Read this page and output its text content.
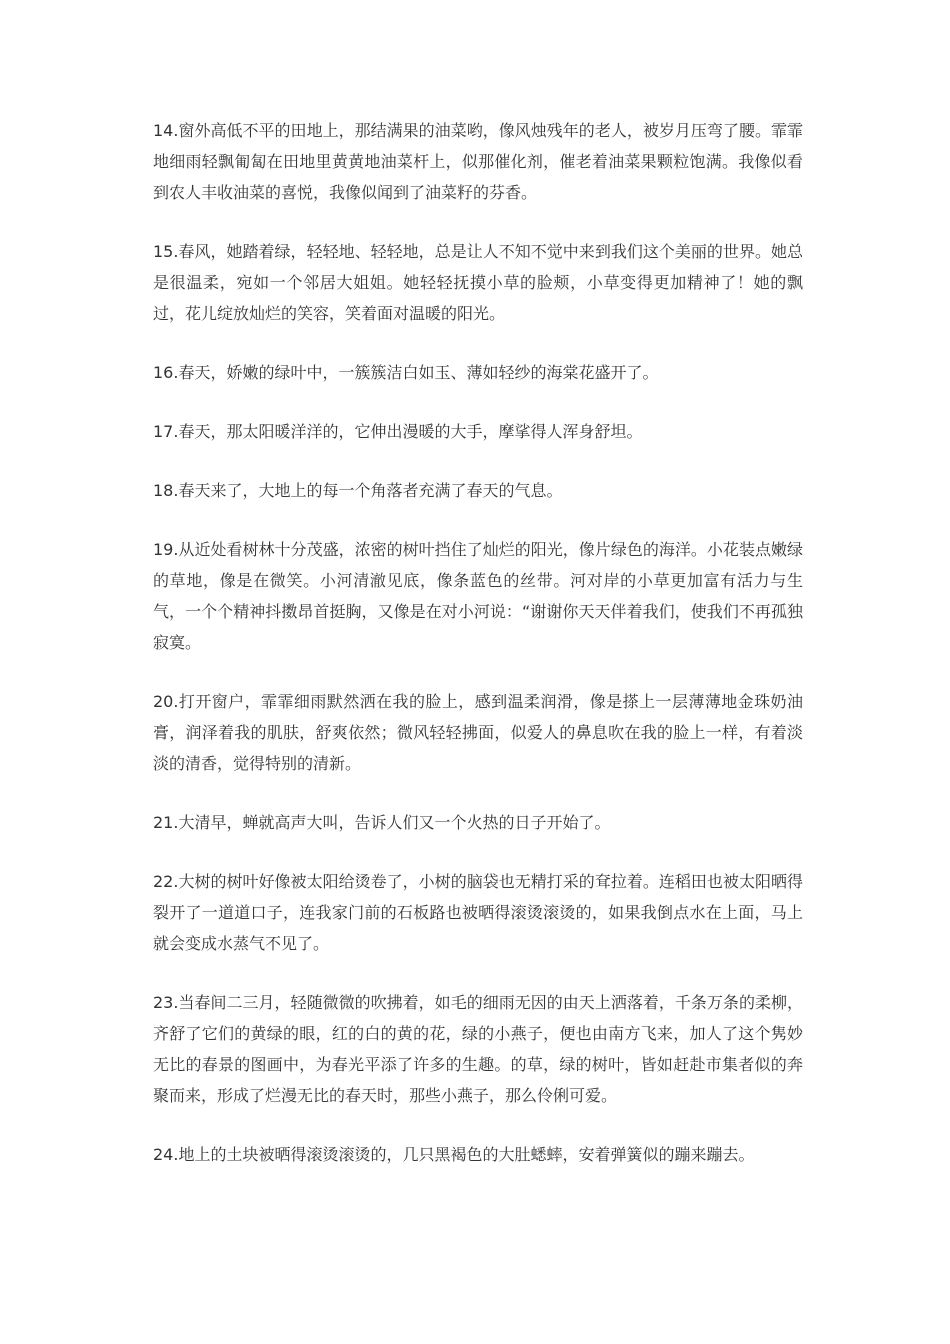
14.窗外高低不平的田地上，那结满果的油菜哟，像风烛残年的老人，被岁月压弯了腰。霏霏地细雨轻飘匍匐在田地里黄黄地油菜杆上，似那催化剂，催老着油菜果颗粒饱满。我像似看到农人丰收油菜的喜悦，我像似闻到了油菜籽的芬香。

15.春风，她踏着绿，轻轻地、轻轻地，总是让人不知不觉中来到我们这个美丽的世界。她总是很温柔，宛如一个邻居大姐姐。她轻轻抚摸小草的脸颊，小草变得更加精神了！她的飘过，花儿绽放灿烂的笑容，笑着面对温暖的阳光。

16.春天，娇嫩的绿叶中，一簇簇洁白如玉、薄如轻纱的海棠花盛开了。

17.春天，那太阳暖洋洋的，它伸出漫暖的大手，摩挲得人浑身舒坦。

18.春天来了，大地上的每一个角落者充满了春天的气息。

19.从近处看树林十分茂盛，浓密的树叶挡住了灿烂的阳光，像片绿色的海洋。小花装点嫩绿的草地，像是在微笑。小河清澈见底，像条蓝色的丝带。河对岸的小草更加富有活力与生气，一个个精神抖擞昂首挺胸，又像是在对小河说：“谢谢你天天伴着我们，使我们不再孤独寂寞。

20.打开窗户，霏霏细雨默然洒在我的脸上，感到温柔润滑，像是搽上一层薄薄地金珠奶油膏，润泽着我的肌肤，舒爽依然；微风轻轻拂面，似爱人的鼻息吹在我的脸上一样，有着淡淡的清香，觉得特别的清新。

21.大清早，蝉就高声大叫，告诉人们又一个火热的日子开始了。

22.大树的树叶好像被太阳给烫卷了，小树的脑袋也无精打采的耷拉着。连稻田也被太阳晒得裂开了一道道口子，连我家门前的石板路也被晒得滚烫滚烫的，如果我倒点水在上面，马上就会变成水蒸气不见了。

23.当春间二三月，轻随微微的吹拂着，如毛的细雨无因的由天上洒落着，千条万条的柔柳，齐舒了它们的黄绿的眼，红的白的黄的花，绿的小燕子，便也由南方飞来，加人了这个隽妙无比的春景的图画中，为春光平添了许多的生趣。的草，绿的树叶，皆如赶赴市集者似的奔聚而来，形成了烂漫无比的春天时，那些小燕子，那么伶俐可爱。

24.地上的土块被晒得滚烫滚烫的，几只黑褐色的大肚蟋蟀，安着弹簧似的蹦来蹦去。
